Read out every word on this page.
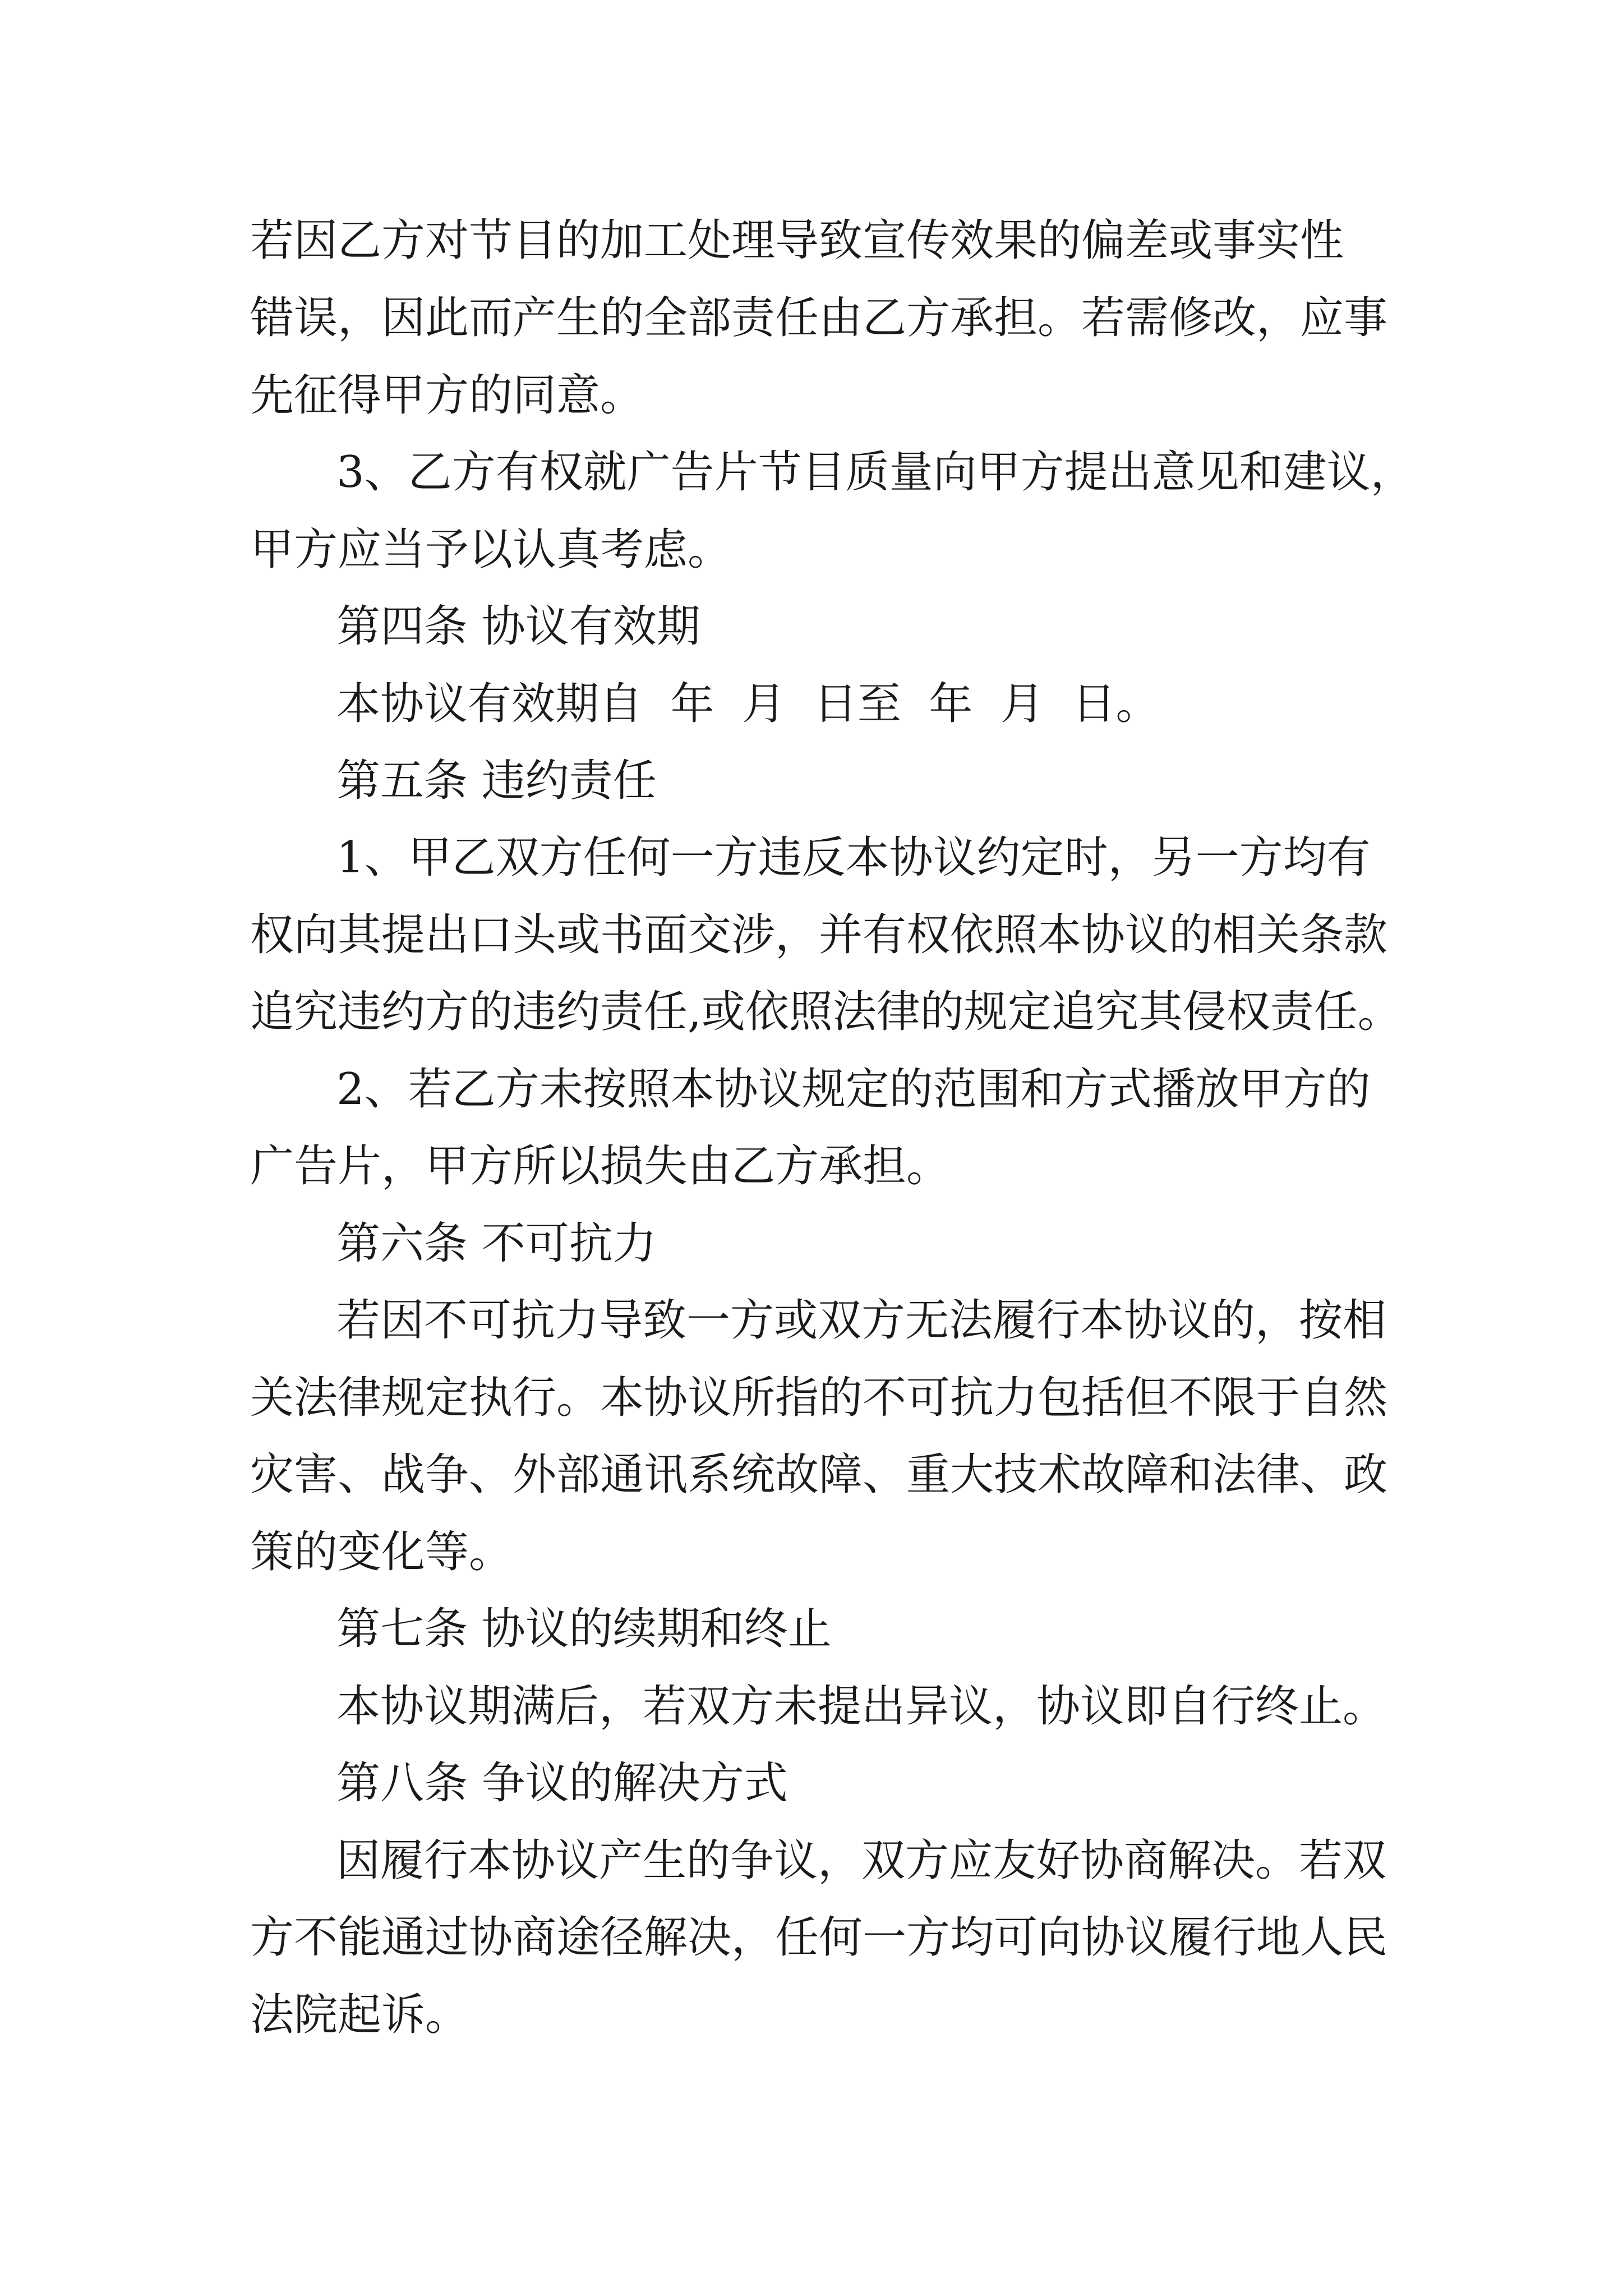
若因乙方对节目的加工处理导致宣传效果的偏差或事实性

错误，因此而产生的全部责任由乙方承担。若需修改，应事

先征得甲方的同意。

3、乙方有权就广告片节目质量向甲方提出意见和建议，

甲方应当予以认真考虑。

第四条 协议有效期

本协议有效期自  年  月  日至  年  月  日。

第五条 违约责任

1、甲乙双方任何一方违反本协议约定时，另一方均有

权向其提出口头或书面交涉，并有权依照本协议的相关条款

追究违约方的违约责任,或依照法律的规定追究其侵权责任。

2、若乙方未按照本协议规定的范围和方式播放甲方的

广告片，甲方所以损失由乙方承担。

第六条 不可抗力

若因不可抗力导致一方或双方无法履行本协议的，按相

关法律规定执行。本协议所指的不可抗力包括但不限于自然

灾害、战争、外部通讯系统故障、重大技术故障和法律、政

策的变化等。

第七条 协议的续期和终止

本协议期满后，若双方未提出异议，协议即自行终止。

第八条 争议的解决方式

因履行本协议产生的争议，双方应友好协商解决。若双

方不能通过协商途径解决，任何一方均可向协议履行地人民

法院起诉。
